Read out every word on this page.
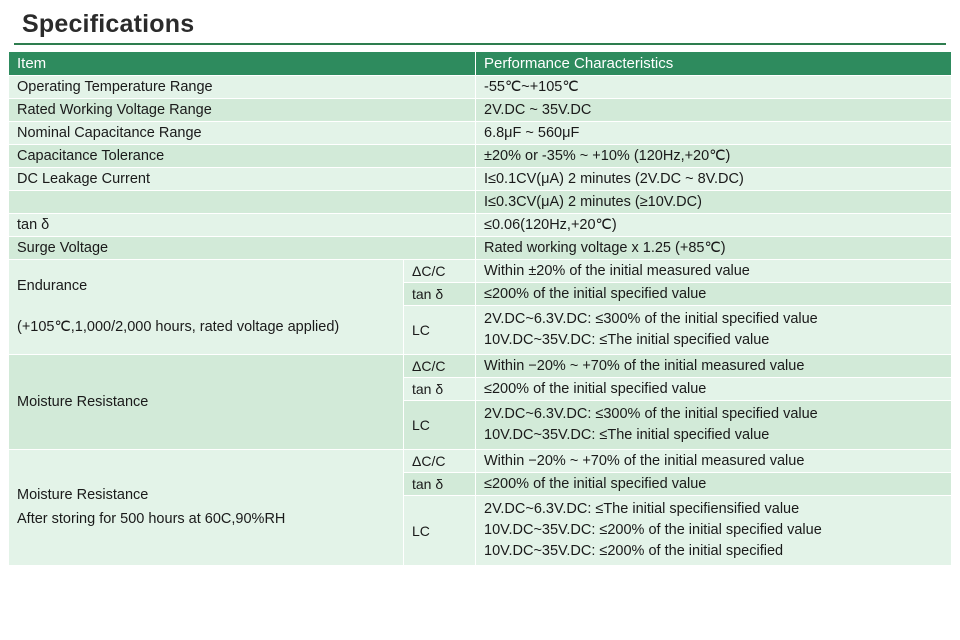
Specifications
Item		Performance Characteristics
Operating Temperature Range		-55℃~+105℃
Rated Working Voltage Range		2V.DC ~ 35V.DC
Nominal Capacitance Range		6.8μF ~ 560μF
Capacitance Tolerance		±20% or -35% ~ +10% (120Hz,+20℃)
DC Leakage Current		I≤0.1CV(μA) 2 minutes (2V.DC ~ 8V.DC)
		I≤0.3CV(μA) 2 minutes (≥10V.DC)
tan δ		≤0.06(120Hz,+20℃)
Surge Voltage		Rated working voltage x 1.25 (+85℃)

Endurance
(+105℃,1,000/2,000 hours, rated voltage applied)	ΔC/C	Within ±20% of the initial measured value
	tan δ	≤200% of the initial specified value
	LC	2V.DC~6.3V.DC: ≤300% of the initial specified value
10V.DC~35V.DC: ≤The initial specified value

Moisture Resistance	ΔC/C	Within −20% ~ +70% of the initial measured value
	tan δ	≤200% of the initial specified value
	LC	2V.DC~6.3V.DC: ≤300% of the initial specified value
10V.DC~35V.DC: ≤The initial specified value

Moisture Resistance
After storing for 500 hours at 60C,90%RH	ΔC/C	Within −20% ~ +70% of the initial measured value
	tan δ	≤200% of the initial specified value
	LC	2V.DC~6.3V.DC: ≤The initial specifiensified value
10V.DC~35V.DC: ≤200% of the initial specified value
10V.DC~35V.DC: ≤200% of the initial specified
